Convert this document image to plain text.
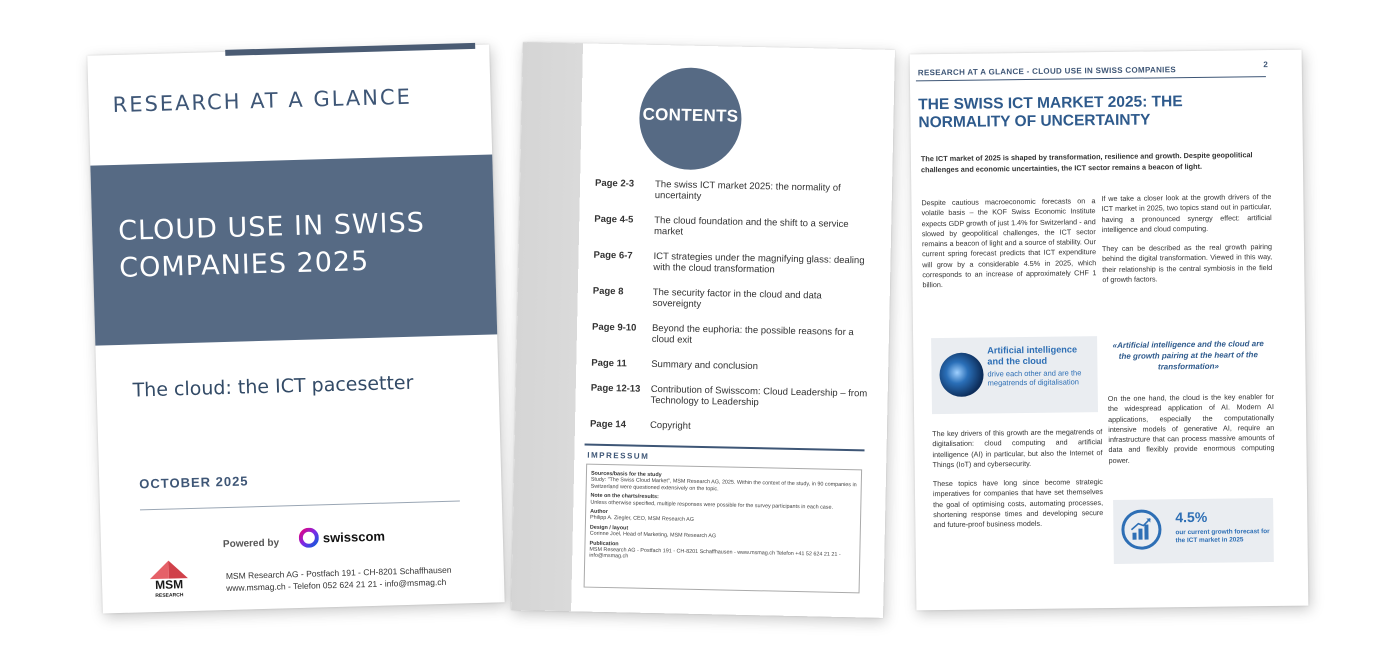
RESEARCH AT A GLANCE
CLOUD USE IN SWISS COMPANIES 2025
The cloud: the ICT pacesetter
OCTOBER 2025
Powered by	swisscom
MSM
RESEARCH
MSM Research AG - Postfach 191 - CH-8201 Schaffhausen
www.msmag.ch - Telefon 052 624 21 21 - info@msmag.ch
CONTENTS
Page 2-3	The swiss ICT market 2025: the normality of uncertainty
Page 4-5	The cloud foundation and the shift to a service market
Page 6-7	ICT strategies under the magnifying glass: dealing with the cloud transformation
Page 8	The security factor in the cloud and data sovereignty
Page 9-10	Beyond the euphoria: the possible reasons for a cloud exit
Page 11	Summary and conclusion
Page 12-13	Contribution of Swisscom: Cloud Leadership – from Technology to Leadership
Page 14	Copyright
IMPRESSUM
Sources/basis for the study
Study: "The Swiss Cloud Market", MSM Research AG, 2025. Within the context of the study, in 90 companies in Switzerland were questioned extensively on the topic.
Note on the charts/results:
Unless otherwise specified, multiple responses were possible for the survey participants in each case.
Author
Philipp A. Ziegler, CEO, MSM Research AG
Design / layout
Corinne Joel, Head of Marketing, MSM Research AG
Publication
MSM Research AG - Postfach 191 - CH-8201 Schaffhausen - www.msmag.ch Telefon +41 52 624 21 21 - info@msmag.ch
RESEARCH AT A GLANCE - CLOUD USE IN SWISS COMPANIES
2
THE SWISS ICT MARKET 2025: THE NORMALITY OF UNCERTAINTY
The ICT market of 2025 is shaped by transformation, resilience and growth. Despite geopolitical challenges and economic uncertainties, the ICT sector remains a beacon of light.

Despite cautious macroeconomic forecasts on a volatile basis – the KOF Swiss Economic Institute expects GDP growth of just 1.4% for Switzerland - and slowed by geopolitical challenges, the ICT sector remains a beacon of light and a source of stability. Our current spring forecast predicts that ICT expenditure will grow by a considerable 4.5% in 2025, which corresponds to an increase of approximately CHF 1 billion.

If we take a closer look at the growth drivers of the ICT market in 2025, two topics stand out in particular, having a pronounced synergy effect: artificial intelligence and cloud computing.

They can be described as the real growth pairing behind the digital transformation. Viewed in this way, their relationship is the central symbiosis in the field of growth factors.

Artificial intelligence and the cloud
drive each other and are the megatrends of digitalisation
«Artificial intelligence and the cloud are the growth pairing at the heart of the transformation»

The key drivers of this growth are the megatrends of digitalisation: cloud computing and artificial intelligence (AI) in particular, but also the Internet of Things (IoT) and cybersecurity.

These topics have long since become strategic imperatives for companies that have set themselves the goal of optimising costs, automating processes, shortening response times and developing secure and future-proof business models.

On the one hand, the cloud is the key enabler for the widespread application of AI. Modern AI applications, especially the computationally intensive models of generative AI, require an infrastructure that can process massive amounts of data and flexibly provide enormous computing power.

4.5%
our current growth forecast for the ICT market in 2025
